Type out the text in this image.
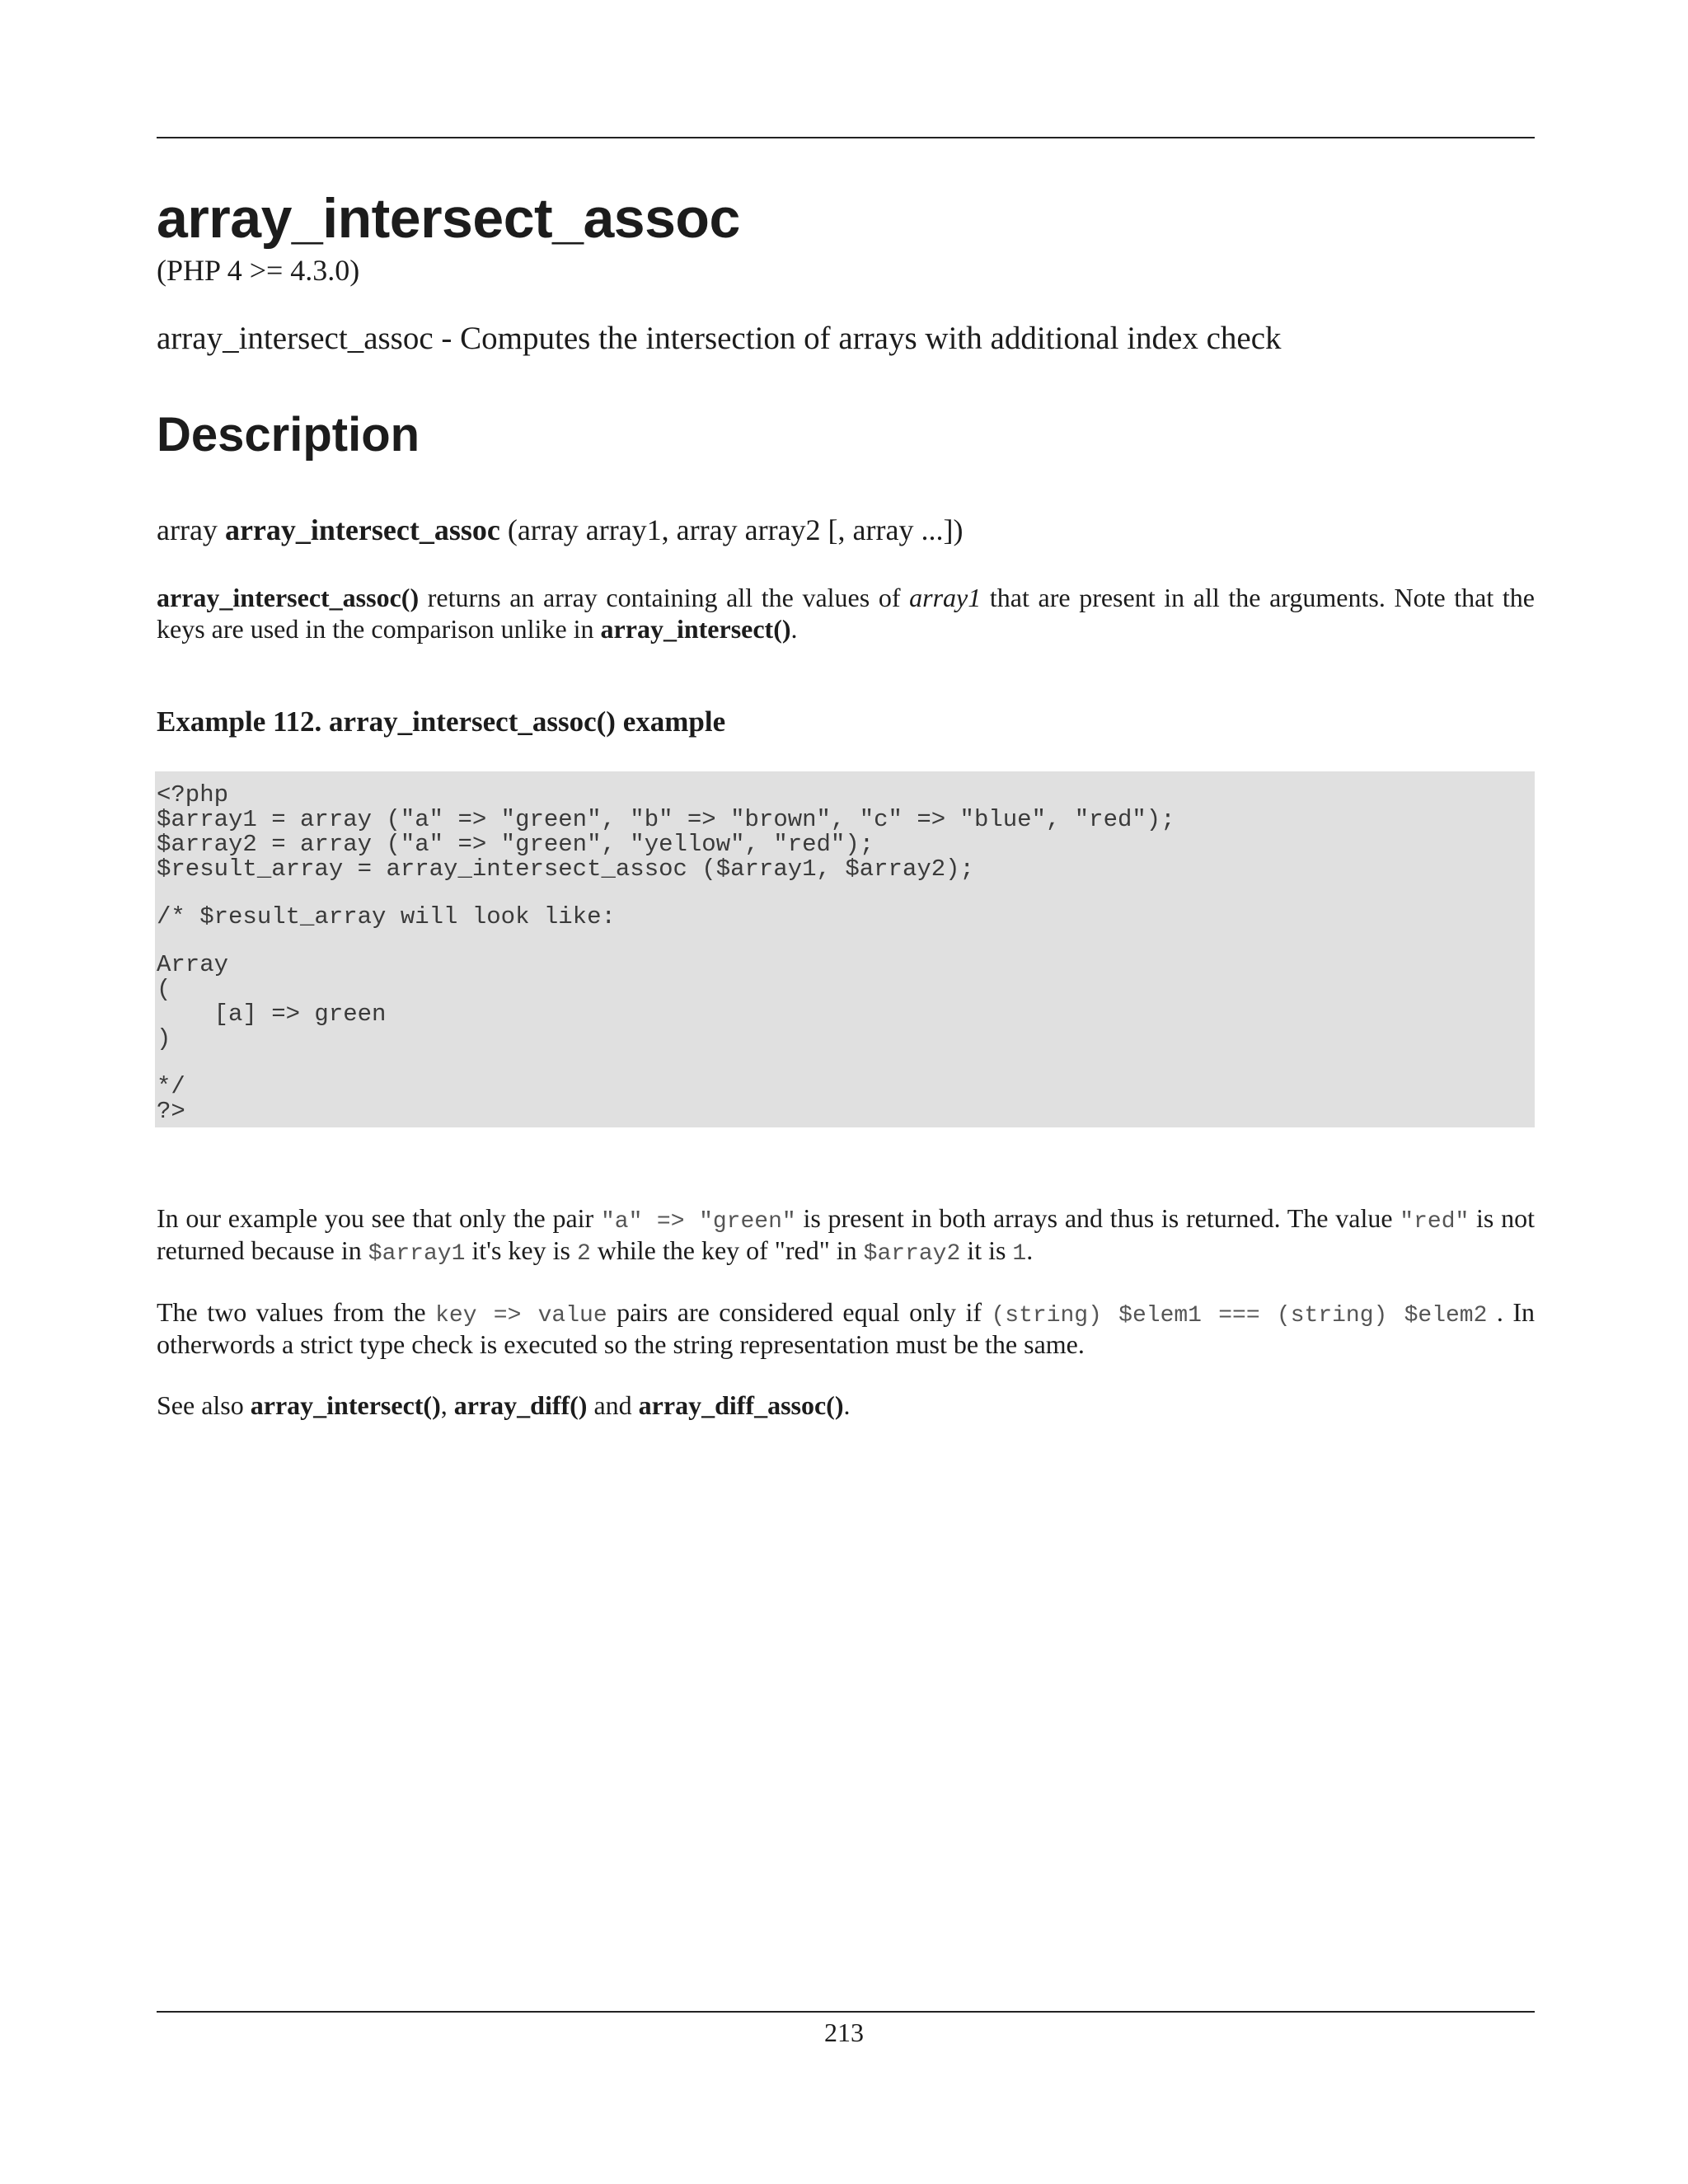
array_intersect_assoc
(PHP 4 >= 4.3.0)
array_intersect_assoc - Computes the intersection of arrays with additional index check
Description
array array_intersect_assoc (array array1, array array2 [, array ...])

array_intersect_assoc() returns an array containing all the values of array1 that are present in all the arguments. Note that the keys are used in the comparison unlike in array_intersect().

Example 112. array_intersect_assoc() example
<?php
$array1 = array ("a" => "green", "b" => "brown", "c" => "blue", "red");
$array2 = array ("a" => "green", "yellow", "red");
$result_array = array_intersect_assoc ($array1, $array2);
/* $result_array will look like:
Array
(
[a] => green
)
*/
?>

In our example you see that only the pair "a" => "green" is present in both arrays and thus is returned. The value "red" is not returned because in $array1 it's key is 2 while the key of "red" in $array2 it is 1.

The two values from the key => value pairs are considered equal only if (string) $elem1 === (string) $elem2 . In otherwords a strict type check is executed so the string representation must be the same.

See also array_intersect(), array_diff() and array_diff_assoc().

213
